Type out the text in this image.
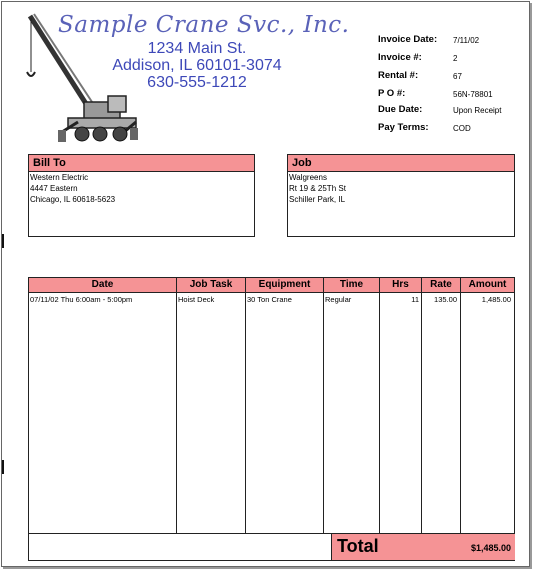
Sample Crane Svc., Inc.
1234 Main St.
Addison, IL 60101-3074
630-555-1212
Invoice Date: 7/11/02
Invoice #:	2
Rental #:	67
P O #:	56N-78801
Due Date:	Upon Receipt
Pay Terms:	COD
Bill To
Western Electric
4447 Eastern
Chicago, IL 60618-5623
Job
Walgreens
Rt 19 & 25Th St
Schiller Park, IL
Date	Job Task	Equipment	Time	Hrs	Rate	Amount
07/11/02 Thu 6:00am - 5:00pm	Hoist Deck	30 Ton Crane	Regular	11	135.00	1,485.00
Total	$1,485.00
